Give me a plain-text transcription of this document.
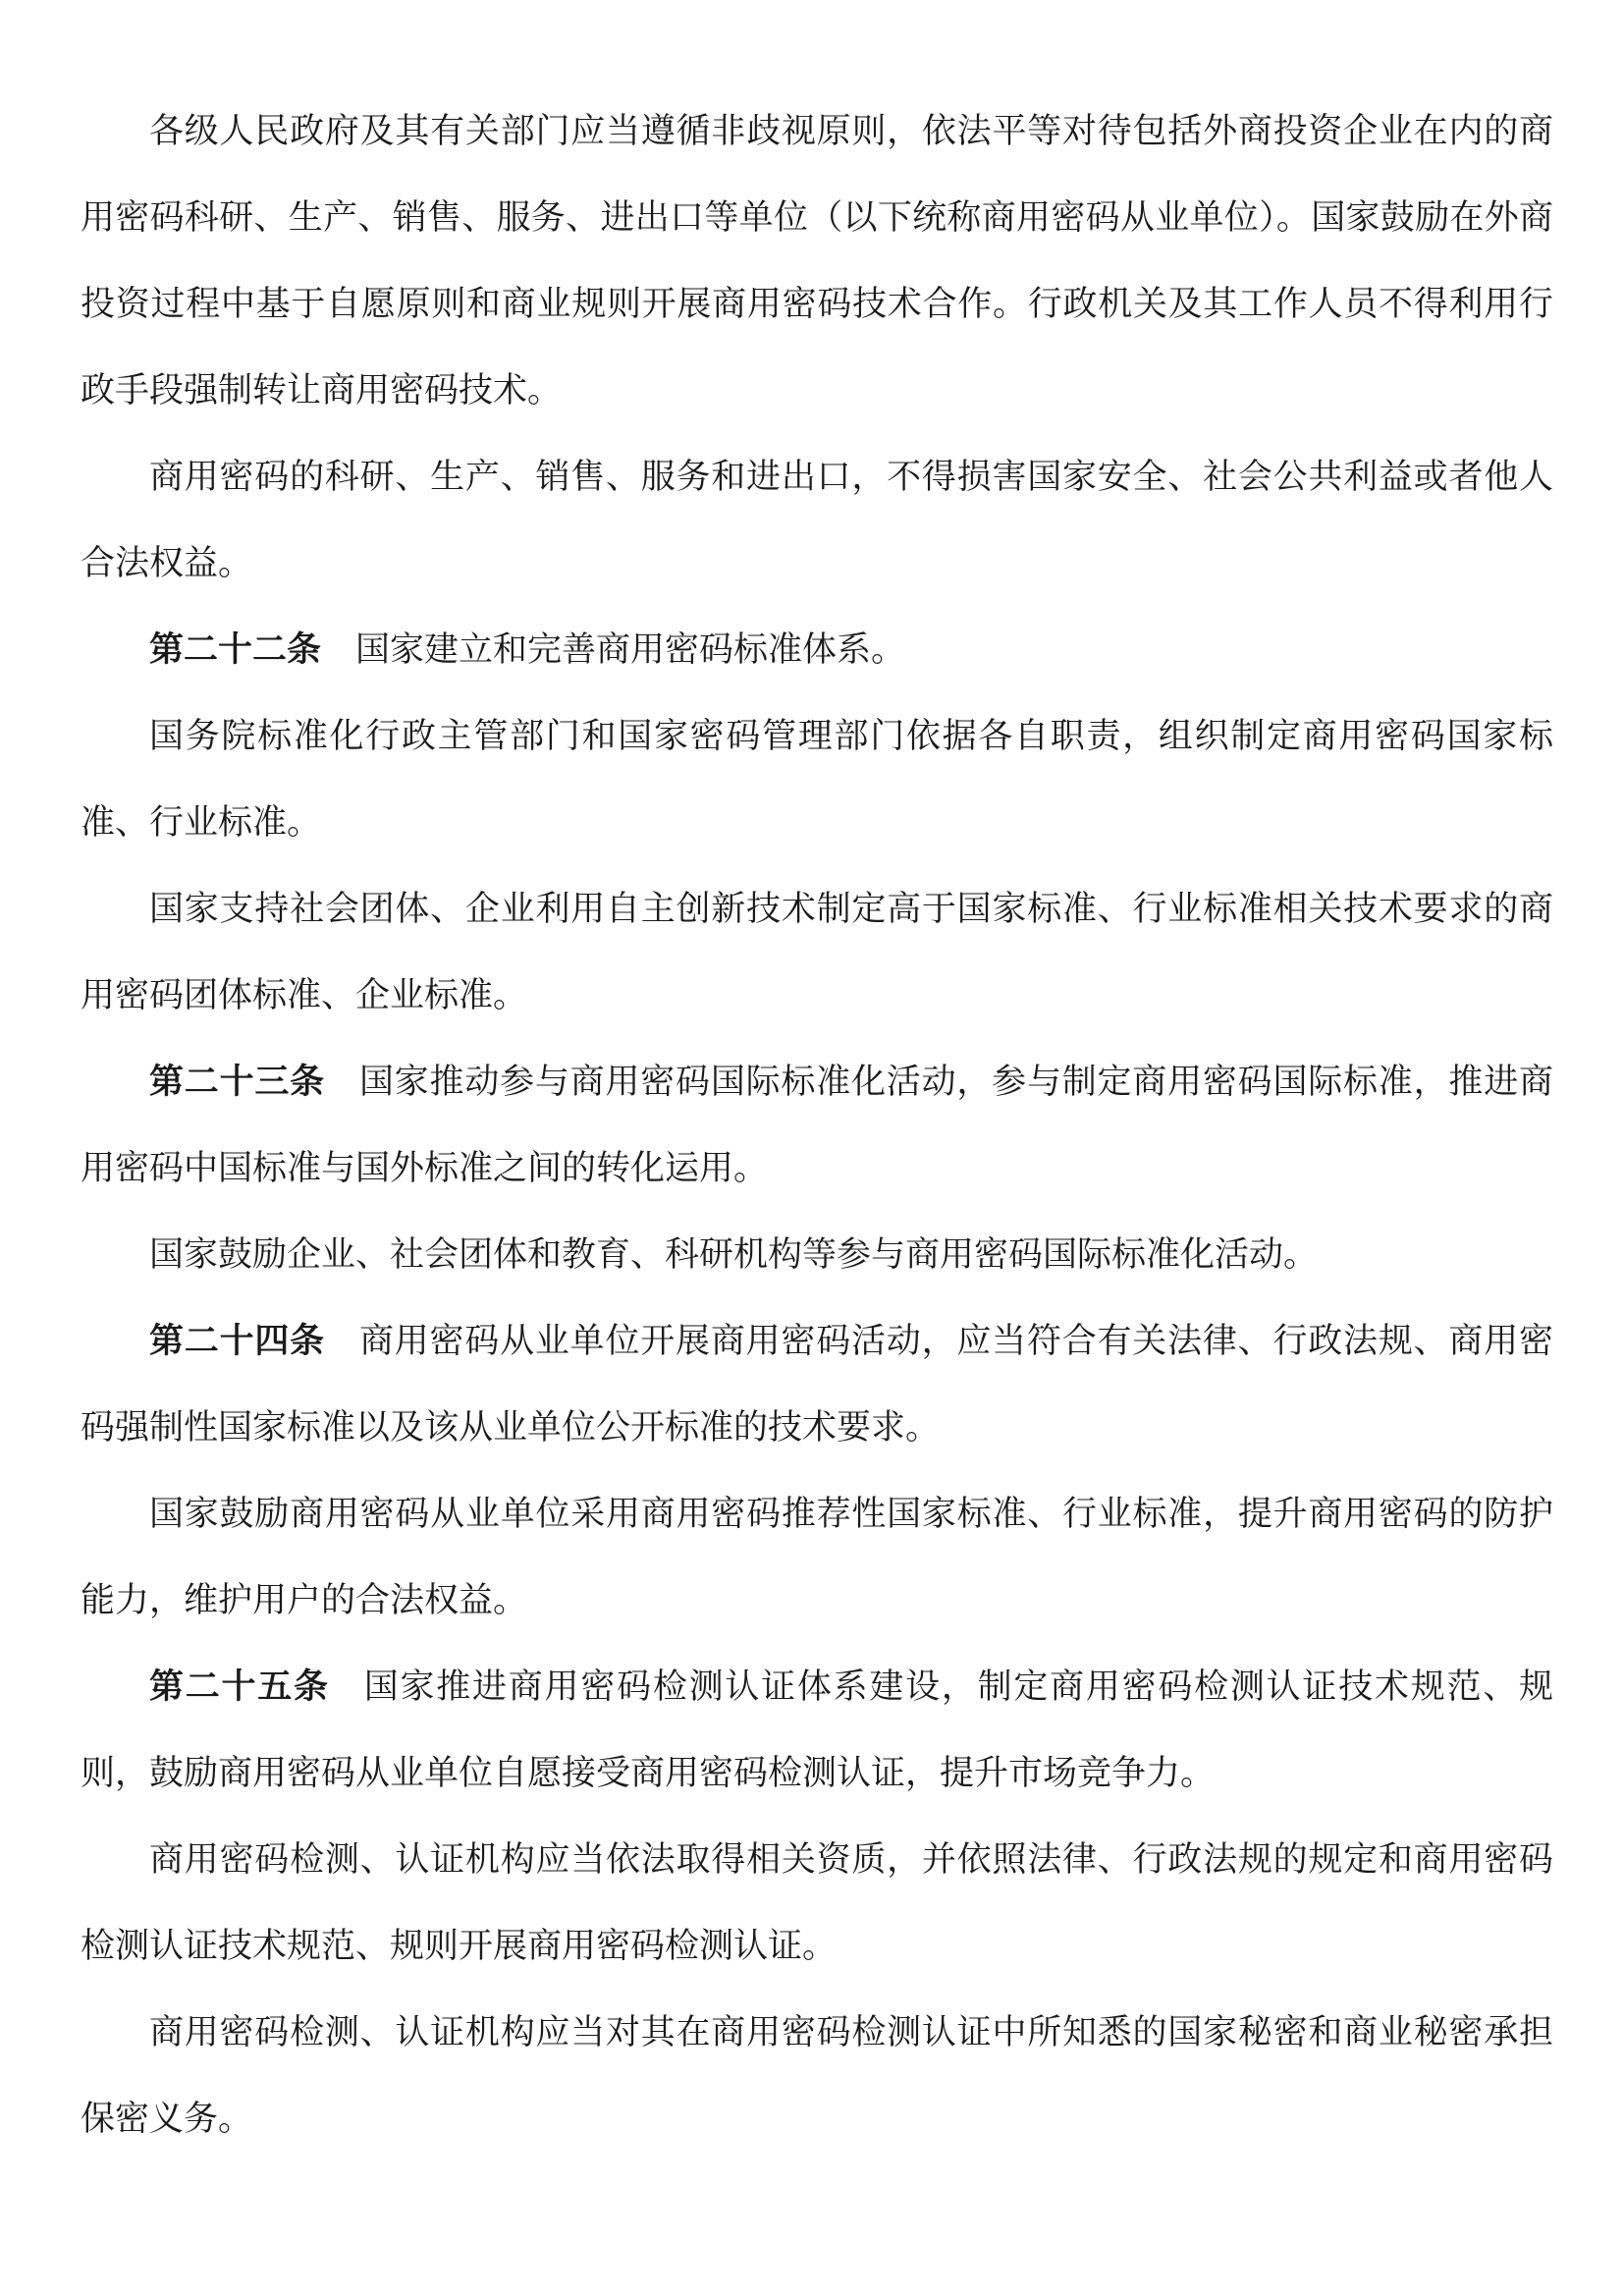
各级人民政府及其有关部门应当遵循非歧视原则，依法平等对待包括外商投资企业在内的商用密码科研、生产、销售、服务、进出口等单位（以下统称商用密码从业单位）。国家鼓励在外商投资过程中基于自愿原则和商业规则开展商用密码技术合作。行政机关及其工作人员不得利用行政手段强制转让商用密码技术。

商用密码的科研、生产、销售、服务和进出口，不得损害国家安全、社会公共利益或者他人合法权益。

第二十二条 国家建立和完善商用密码标准体系。

国务院标准化行政主管部门和国家密码管理部门依据各自职责，组织制定商用密码国家标准、行业标准。

国家支持社会团体、企业利用自主创新技术制定高于国家标准、行业标准相关技术要求的商用密码团体标准、企业标准。

第二十三条 国家推动参与商用密码国际标准化活动，参与制定商用密码国际标准，推进商用密码中国标准与国外标准之间的转化运用。

国家鼓励企业、社会团体和教育、科研机构等参与商用密码国际标准化活动。

第二十四条 商用密码从业单位开展商用密码活动，应当符合有关法律、行政法规、商用密码强制性国家标准以及该从业单位公开标准的技术要求。

国家鼓励商用密码从业单位采用商用密码推荐性国家标准、行业标准，提升商用密码的防护能力，维护用户的合法权益。

第二十五条 国家推进商用密码检测认证体系建设，制定商用密码检测认证技术规范、规则，鼓励商用密码从业单位自愿接受商用密码检测认证，提升市场竞争力。

商用密码检测、认证机构应当依法取得相关资质，并依照法律、行政法规的规定和商用密码检测认证技术规范、规则开展商用密码检测认证。

商用密码检测、认证机构应当对其在商用密码检测认证中所知悉的国家秘密和商业秘密承担保密义务。
